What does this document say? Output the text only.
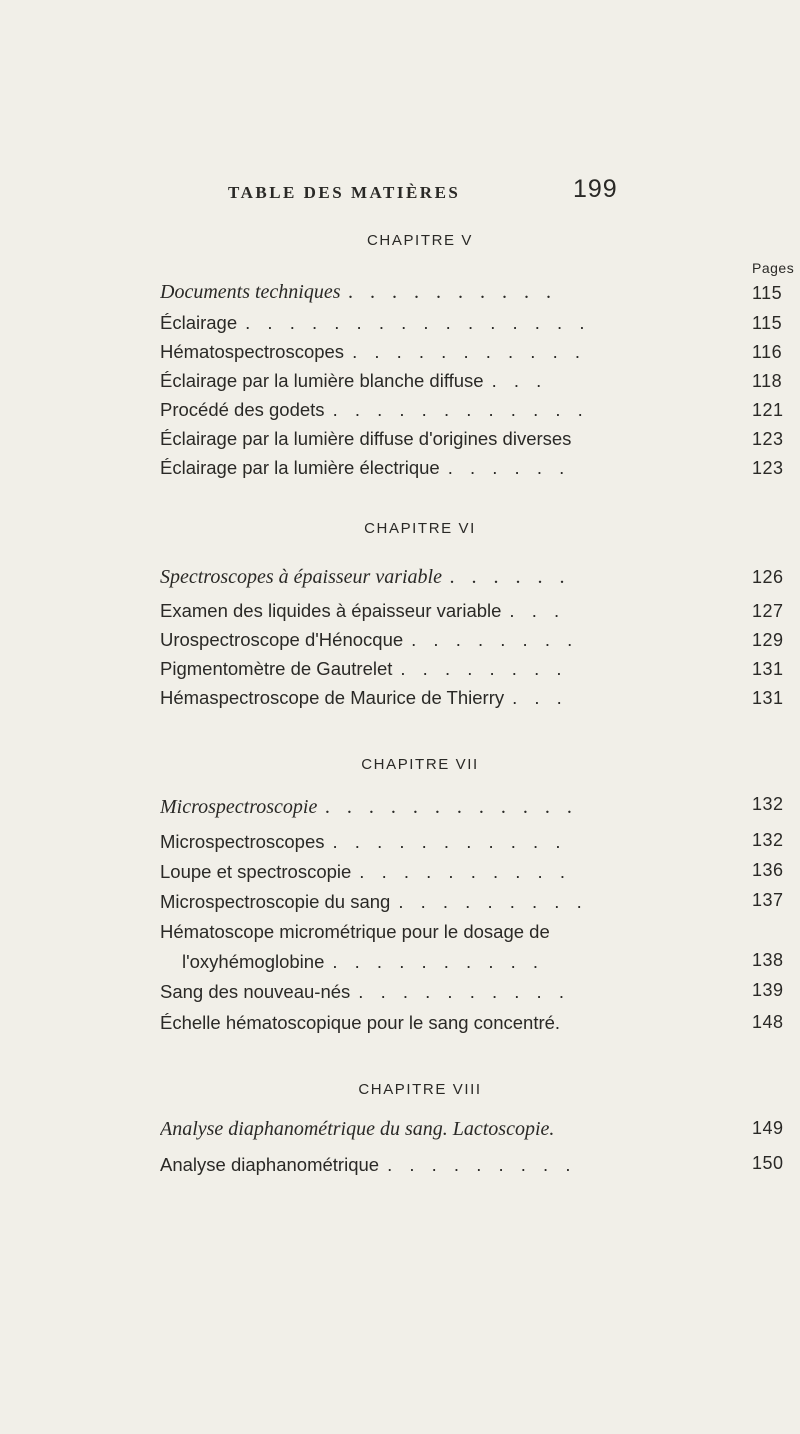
TABLE DES MATIÈRES	199
CHAPITRE V
Pages
Documents techniques . . . . . . . . . .	115
Éclairage . . . . . . . . . . . . . . . .	115
Hématospectroscopes . . . . . . . . . . .	116
Éclairage par la lumière blanche diffuse . . .	118
Procédé des godets . . . . . . . . . . . .	121
Éclairage par la lumière diffuse d'origines diverses	123
Éclairage par la lumière électrique . . . . . .	123
CHAPITRE VI
Spectroscopes à épaisseur variable . . . . . .	126
Examen des liquides à épaisseur variable . . .	127
Urospectroscope d'Hénocque . . . . . . . .	129
Pigmentomètre de Gautrelet . . . . . . . .	131
Hémaspectroscope de Maurice de Thierry . . .	131
CHAPITRE VII
Microspectroscopie . . . . . . . . . . . .	132
Microspectroscopes . . . . . . . . . . .	132
Loupe et spectroscopie . . . . . . . . . .	136
Microspectroscopie du sang . . . . . . . . .	137
Hématoscope micrométrique pour le dosage de
l'oxyhémoglobine . . . . . . . . . .	138
Sang des nouveau-nés . . . . . . . . . .	139
Échelle hématoscopique pour le sang concentré.	148
CHAPITRE VIII
Analyse diaphanométrique du sang. Lactoscopie.	149
Analyse diaphanométrique . . . . . . . . .	150
